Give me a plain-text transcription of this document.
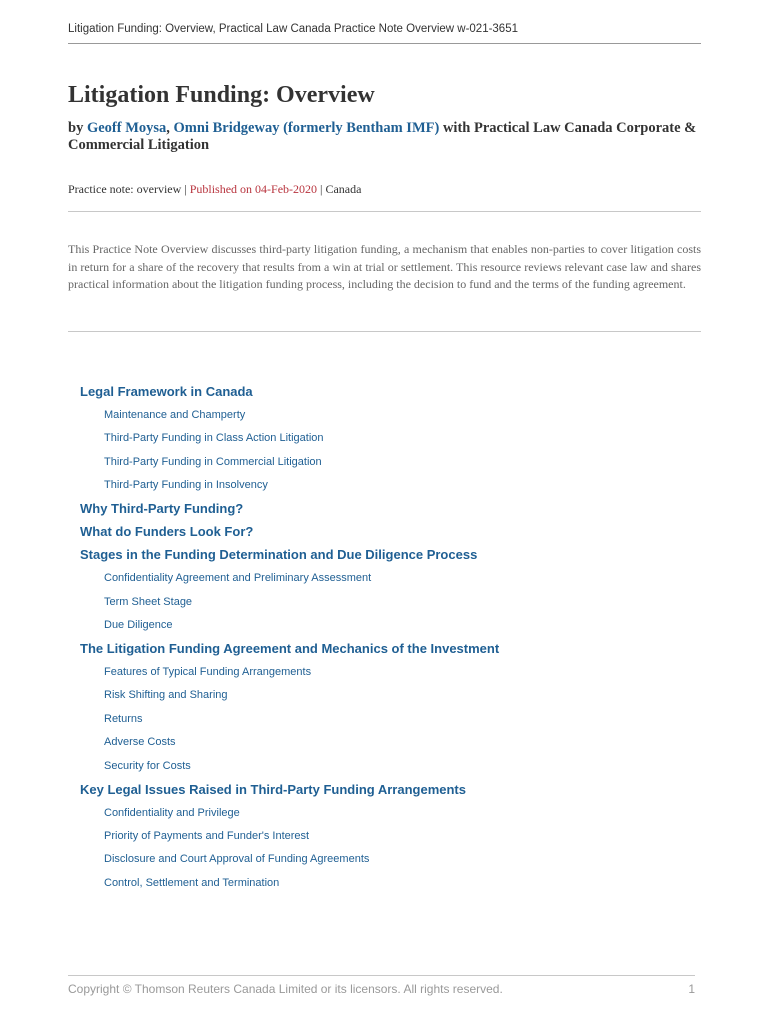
Litigation Funding: Overview, Practical Law Canada Practice Note Overview w-021-3651
Litigation Funding: Overview
by Geoff Moysa, Omni Bridgeway (formerly Bentham IMF) with Practical Law Canada Corporate & Commercial Litigation
Practice note: overview | Published on 04-Feb-2020 | Canada

This Practice Note Overview discusses third-party litigation funding, a mechanism that enables non-parties to cover litigation costs in return for a share of the recovery that results from a win at trial or settlement. This resource reviews relevant case law and shares practical information about the litigation funding process, including the decision to fund and the terms of the funding agreement.

Legal Framework in Canada
Maintenance and Champerty
Third-Party Funding in Class Action Litigation
Third-Party Funding in Commercial Litigation
Third-Party Funding in Insolvency
Why Third-Party Funding?
What do Funders Look For?
Stages in the Funding Determination and Due Diligence Process
Confidentiality Agreement and Preliminary Assessment
Term Sheet Stage
Due Diligence
The Litigation Funding Agreement and Mechanics of the Investment
Features of Typical Funding Arrangements
Risk Shifting and Sharing
Returns
Adverse Costs
Security for Costs
Key Legal Issues Raised in Third-Party Funding Arrangements
Confidentiality and Privilege
Priority of Payments and Funder's Interest
Disclosure and Court Approval of Funding Agreements
Control, Settlement and Termination
Copyright © Thomson Reuters Canada Limited or its licensors. All rights reserved.	1
